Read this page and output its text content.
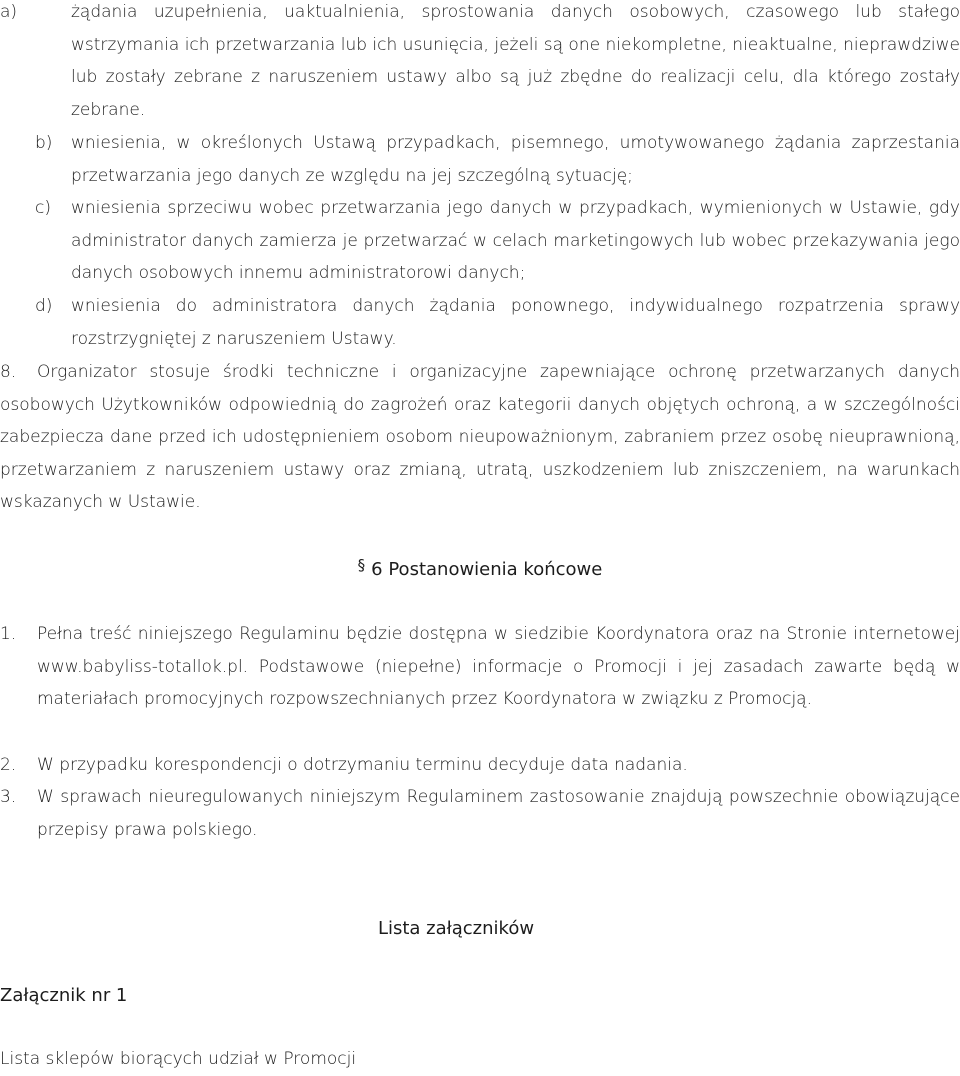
a)	żądania uzupełnienia, uaktualnienia, sprostowania danych osobowych, czasowego lub stałego wstrzymania ich przetwarzania lub ich usunięcia, jeżeli są one niekompletne, nieaktualne, nieprawdziwe lub zostały zebrane z naruszeniem ustawy albo są już zbędne do realizacji celu, dla którego zostały zebrane.

b) wniesienia, w określonych Ustawą przypadkach, pisemnego, umotywowanego żądania zaprzestania przetwarzania jego danych ze względu na jej szczególną sytuację;

c) wniesienia sprzeciwu wobec przetwarzania jego danych w przypadkach, wymienionych w Ustawie, gdy administrator danych zamierza je przetwarzać w celach marketingowych lub wobec przekazywania jego danych osobowych innemu administratorowi danych;

d) wniesienia do administratora danych żądania ponownego, indywidualnego rozpatrzenia sprawy rozstrzygniętej z naruszeniem Ustawy.

8. Organizator stosuje środki techniczne i organizacyjne zapewniające ochronę przetwarzanych danych osobowych Użytkowników odpowiednią do zagrożeń oraz kategorii danych objętych ochroną, a w szczególności zabezpiecza dane przed ich udostępnieniem osobom nieupoważnionym, zabraniem przez osobę nieuprawnioną, przetwarzaniem z naruszeniem ustawy oraz zmianą, utratą, uszkodzeniem lub zniszczeniem, na warunkach wskazanych w Ustawie.

§ 6 Postanowienia końcowe
1. Pełna treść niniejszego Regulaminu będzie dostępna w siedzibie Koordynatora oraz na Stronie internetowej www.babyliss-totallok.pl. Podstawowe (niepełne) informacje o Promocji i jej zasadach zawarte będą w materiałach promocyjnych rozpowszechnianych przez Koordynatora w związku z Promocją.

2. W przypadku korespondencji o dotrzymaniu terminu decyduje data nadania.

3. W sprawach nieuregulowanych niniejszym Regulaminem zastosowanie znajdują powszechnie obowiązujące przepisy prawa polskiego.

Lista załączników
Załącznik nr 1

Lista sklepów biorących udział w Promocji
